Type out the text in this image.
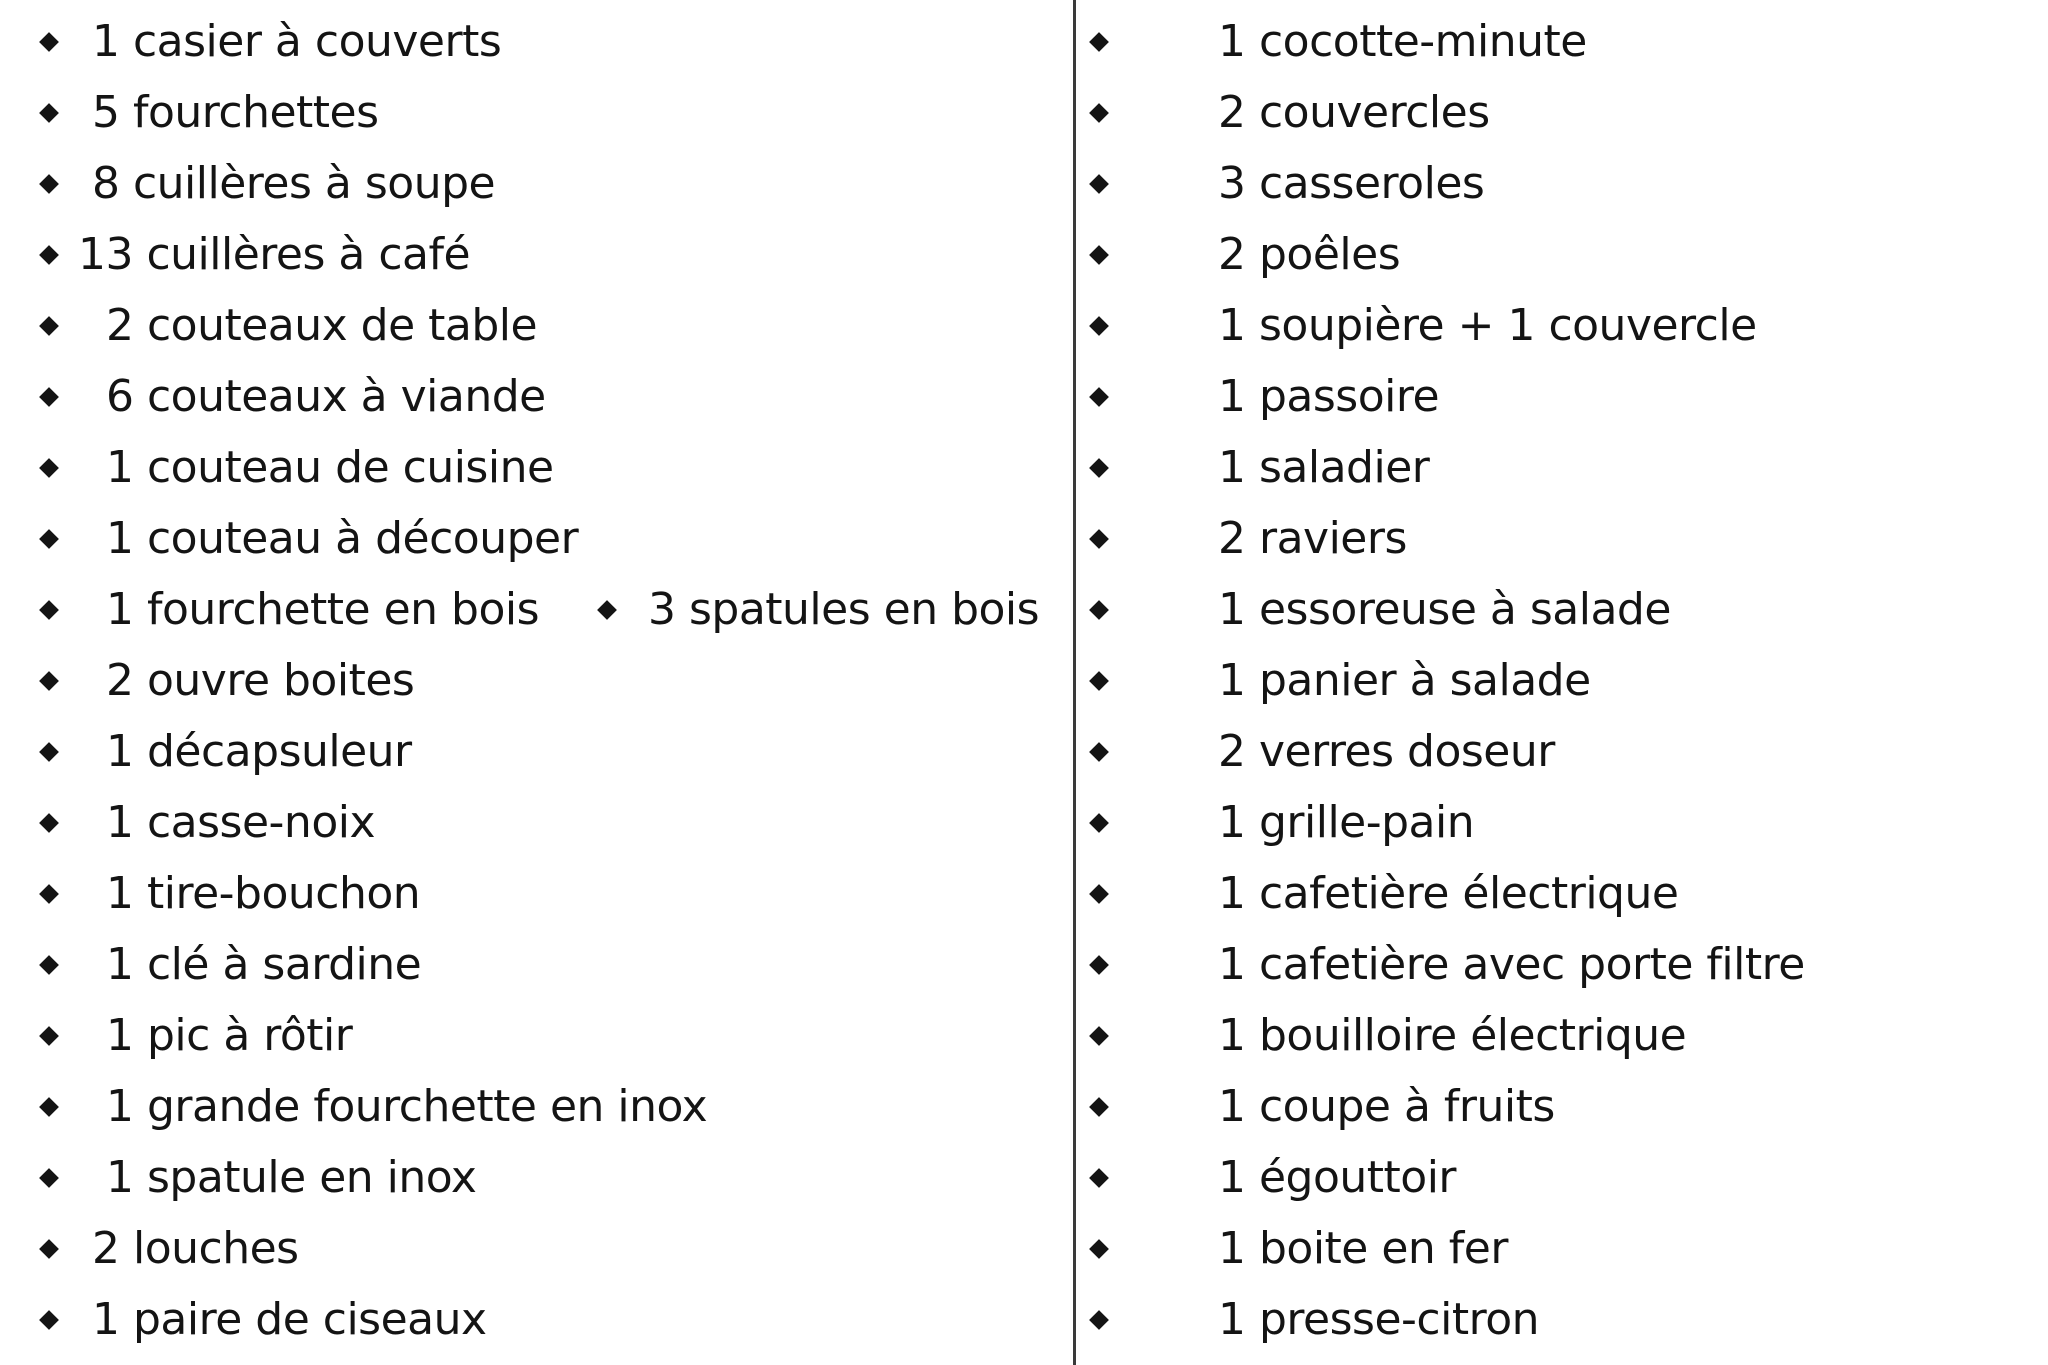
1 casier à couverts
5 fourchettes
8 cuillères à soupe
13 cuillères à café
2 couteaux de table
6 couteaux à viande
1 couteau de cuisine
1 couteau à découper
1 fourchette en bois 3 spatules en bois
2 ouvre boites
1 décapsuleur
1 casse-noix
1 tire-bouchon
1 clé à sardine
1 pic à rôtir
1 grande fourchette en inox
1 spatule en inox
2 louches
1 paire de ciseaux
1 cocotte-minute
2 couvercles
3 casseroles
2 poêles
1 soupière + 1 couvercle
1 passoire
1 saladier
2 raviers
1 essoreuse à salade
1 panier à salade
2 verres doseur
1 grille-pain
1 cafetière électrique
1 cafetière avec porte filtre
1 bouilloire électrique
1 coupe à fruits
1 égouttoir
1 boite en fer
1 presse-citron
